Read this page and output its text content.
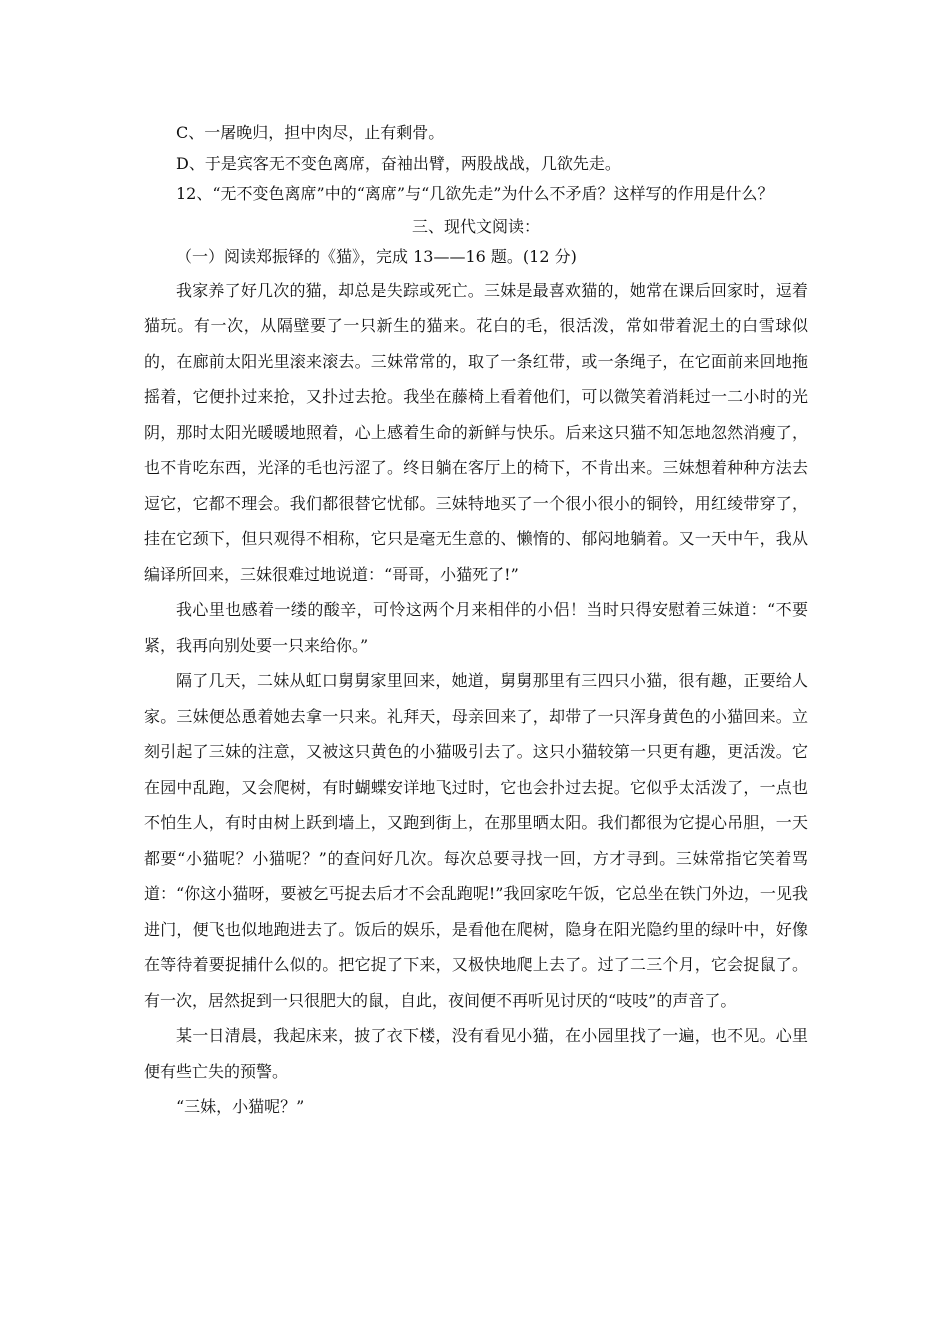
C、一屠晚归，担中肉尽，止有剩骨。

D、于是宾客无不变色离席，奋袖出臂，两股战战，几欲先走。

12、“无不变色离席”中的“离席”与“几欲先走”为什么不矛盾？这样写的作用是什么？

三、现代文阅读：

（一）阅读郑振铎的《猫》，完成 13——16 题。(12 分)

我家养了好几次的猫，却总是失踪或死亡。三妹是最喜欢猫的，她常在课后回家时，逗着猫玩。有一次，从隔壁要了一只新生的猫来。花白的毛，很活泼，常如带着泥土的白雪球似的，在廊前太阳光里滚来滚去。三妹常常的，取了一条红带，或一条绳子，在它面前来回地拖摇着，它便扑过来抢，又扑过去抢。我坐在藤椅上看着他们，可以微笑着消耗过一二小时的光阴，那时太阳光暖暖地照着，心上感着生命的新鲜与快乐。后来这只猫不知怎地忽然消瘦了，也不肯吃东西，光泽的毛也污涩了。终日躺在客厅上的椅下，不肯出来。三妹想着种种方法去逗它，它都不理会。我们都很替它忧郁。三妹特地买了一个很小很小的铜铃，用红绫带穿了，挂在它颈下，但只观得不相称，它只是毫无生意的、懒惰的、郁闷地躺着。又一天中午，我从编译所回来，三妹很难过地说道：“哥哥，小猫死了!”

我心里也感着一缕的酸辛，可怜这两个月来相伴的小侣！当时只得安慰着三妹道：“不要紧，我再向别处要一只来给你。”

隔了几天，二妹从虹口舅舅家里回来，她道，舅舅那里有三四只小猫，很有趣，正要给人家。三妹便怂恿着她去拿一只来。礼拜天，母亲回来了，却带了一只浑身黄色的小猫回来。立刻引起了三妹的注意，又被这只黄色的小猫吸引去了。这只小猫较第一只更有趣，更活泼。它在园中乱跑，又会爬树，有时蝴蝶安详地飞过时，它也会扑过去捉。它似乎太活泼了，一点也不怕生人，有时由树上跃到墙上，又跑到街上，在那里晒太阳。我们都很为它提心吊胆，一天都要“小猫呢？小猫呢？”的查问好几次。每次总要寻找一回，方才寻到。三妹常指它笑着骂道：“你这小猫呀，要被乞丐捉去后才不会乱跑呢!”我回家吃午饭，它总坐在铁门外边，一见我进门，便飞也似地跑进去了。饭后的娱乐，是看他在爬树，隐身在阳光隐约里的绿叶中，好像在等待着要捉捕什么似的。把它捉了下来，又极快地爬上去了。过了二三个月，它会捉鼠了。有一次，居然捉到一只很肥大的鼠，自此，夜间便不再听见讨厌的“吱吱”的声音了。

某一日清晨，我起床来，披了衣下楼，没有看见小猫，在小园里找了一遍，也不见。心里便有些亡失的预警。

“三妹，小猫呢？”
